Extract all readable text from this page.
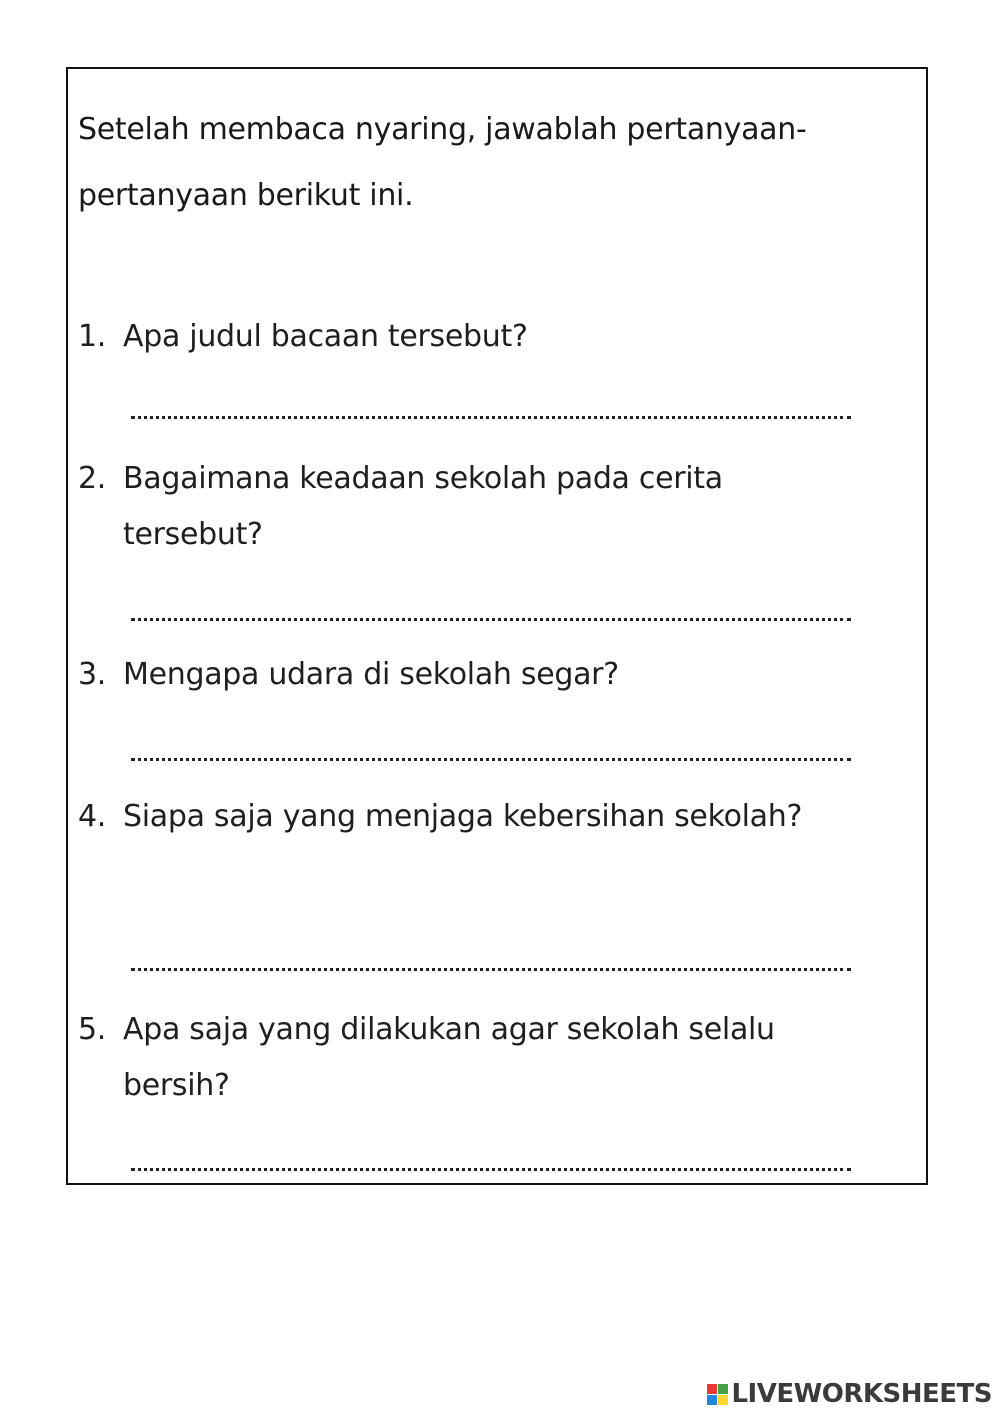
Setelah membaca nyaring, jawablah pertanyaan-
pertanyaan berikut ini.

1. Apa judul bacaan tersebut?
2. Bagaimana keadaan sekolah pada cerita
tersebut?
3. Mengapa udara di sekolah segar?
4. Siapa saja yang menjaga kebersihan sekolah?
5. Apa saja yang dilakukan agar sekolah selalu
bersih?
LIVEWORKSHEETS
